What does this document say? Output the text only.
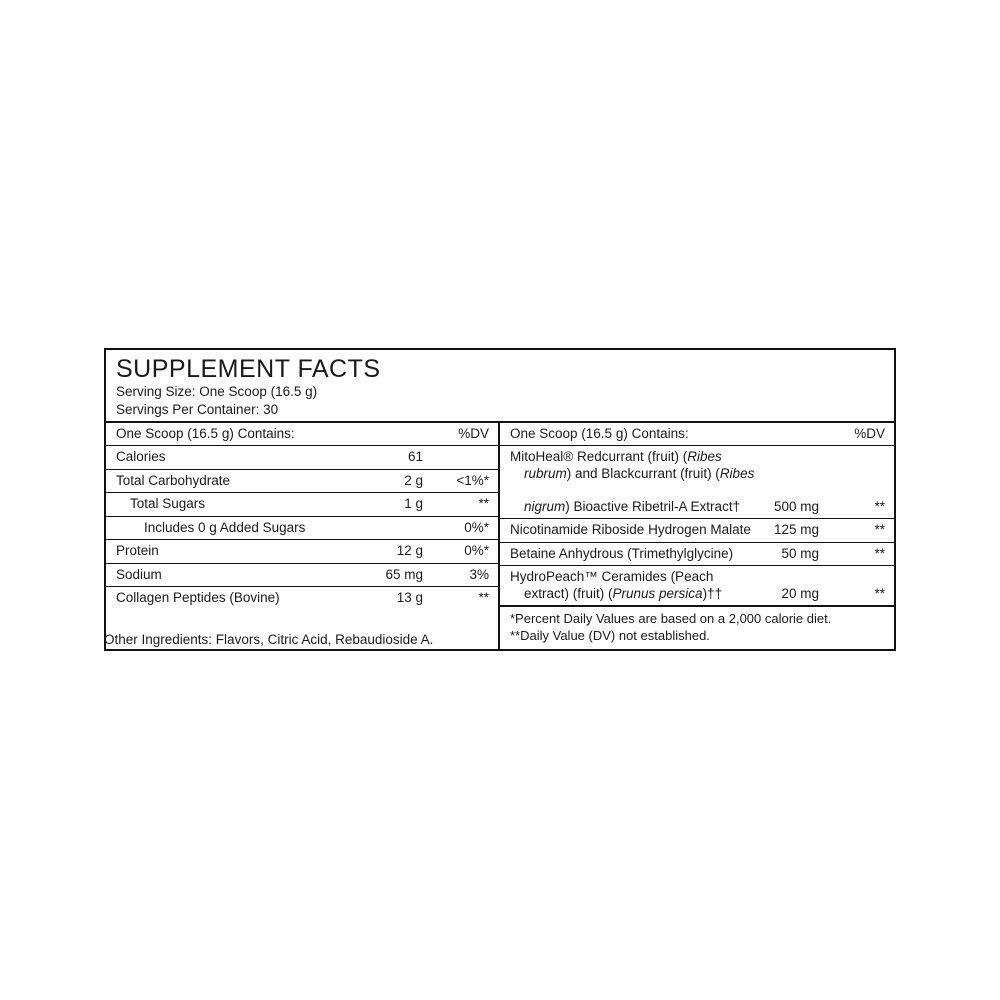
SUPPLEMENT FACTS
Serving Size: One Scoop (16.5 g)
Servings Per Container: 30
One Scoop (16.5 g) Contains:		%DV
Calories	61	
Total Carbohydrate	2 g	<1%*
Total Sugars	1 g	**
Includes 0 g Added Sugars		0%*
Protein	12 g	0%*
Sodium	65 mg	3%
Collagen Peptides (Bovine)	13 g	**
One Scoop (16.5 g) Contains:		%DV
MitoHeal® Redcurrant (fruit) (Ribes

rubrum) and Blackcurrant (fruit) (Ribes

nigrum) Bioactive Ribetril-A Extract†	500 mg	**
Nicotinamide Riboside Hydrogen Malate	125 mg	**
Betaine Anhydrous (Trimethylglycine)	50 mg	**
HydroPeach™ Ceramides (Peach

extract) (fruit) (Prunus persica)††	20 mg	**
*Percent Daily Values are based on a 2,000 calorie diet.
**Daily Value (DV) not established.
Other Ingredients: Flavors, Citric Acid, Rebaudioside A.
